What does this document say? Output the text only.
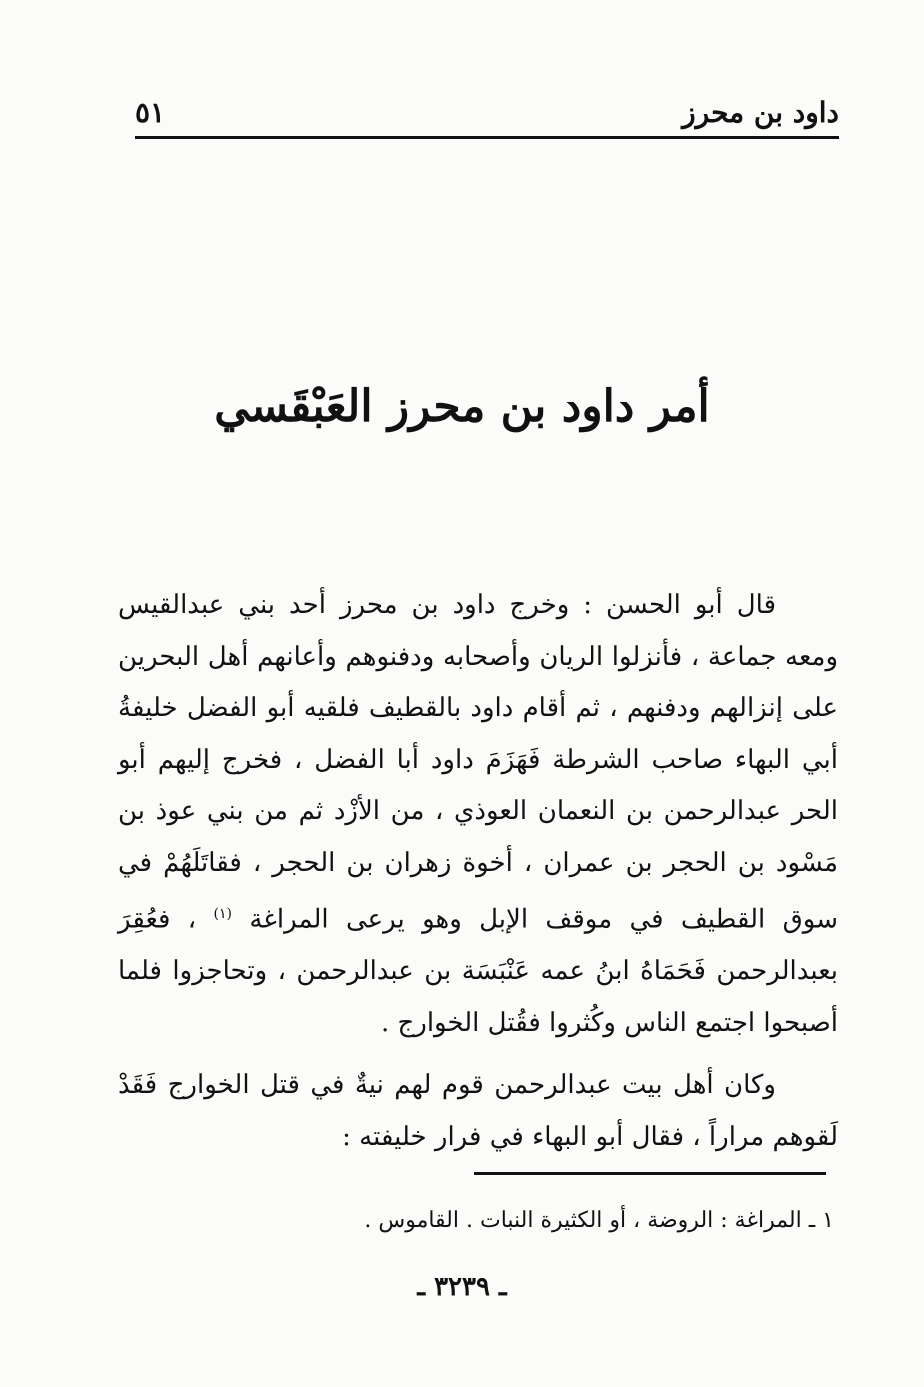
داود بن محرز
٥١
أمر داود بن محرز العَبْقَسي

قال أبو الحسن : وخرج داود بن محرز أحد بني عبدالقيس ومعه جماعة ، فأنزلوا الريان وأصحابه ودفنوهم وأعانهم أهل البحرين على إنزالهم ودفنهم ، ثم أقام داود بالقطيف فلقيه أبو الفضل خليفةُ أبي البهاء صاحب الشرطة فَهَزَمَ داود أبا الفضل ، فخرج إليهم أبو الحر عبدالرحمن بن النعمان العوذي ، من الأزْد ثم من بني عوذ بن مَسْود بن الحجر بن عمران ، أخوة زهران بن الحجر ، فقاتَلَهُمْ في سوق القطيف في موقف الإبل وهو يرعى المراغة $^{(١)}$ ، فعُقِرَ بعبدالرحمن فَحَمَاهُ ابنُ عمه عَنْبَسَة بن عبدالرحمن ، وتحاجزوا فلما أصبحوا اجتمع الناس وكُثروا فقُتل الخوارج .

وكان أهل بيت عبدالرحمن قوم لهم نيةٌ في قتل الخوارج فَقَدْ لَقوهم مراراً ، فقال أبو البهاء في فرار خليفته :

١ ـ المراغة : الروضة ، أو الكثيرة النبات . القاموس .
ـ ٣٢٣٩ ـ
